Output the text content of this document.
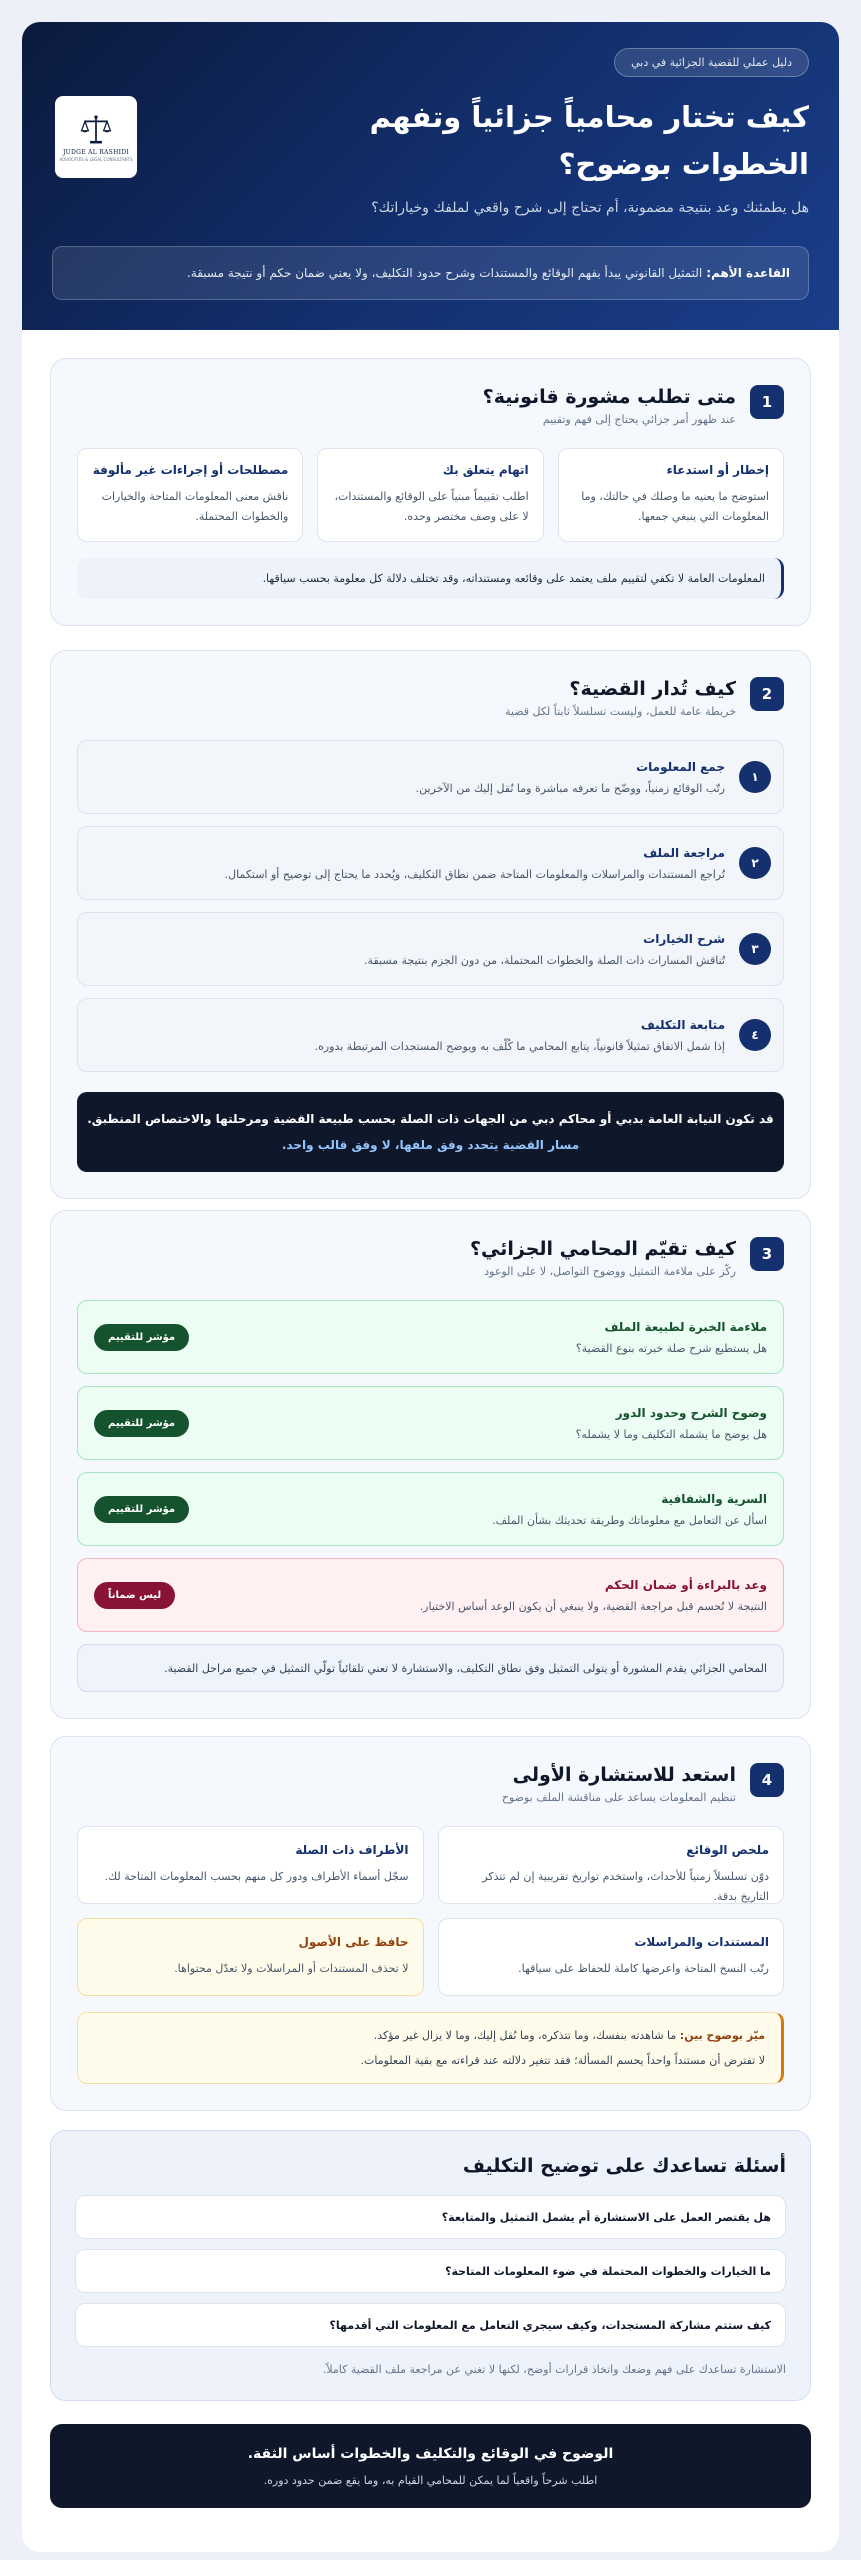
دليل عملي للقضية الجزائية في دبي
JUDGE AL RASHIDI
ADVOCATES & LEGAL CONSULTANTS
كيف تختار محامياً جزائياً وتفهم الخطوات بوضوح؟

هل يطمئنك وعد بنتيجة مضمونة، أم تحتاج إلى شرح واقعي لملفك وخياراتك؟

القاعدة الأهم:
التمثيل القانوني يبدأ بفهم الوقائع والمستندات وشرح حدود التكليف، ولا يعني ضمان حكم أو نتيجة مسبقة.
1
متى تطلب مشورة قانونية؟
عند ظهور أمر جزائي يحتاج إلى فهم وتقييم
إخطار أو استدعاء
استوضح ما يعنيه ما وصلك في حالتك، وما المعلومات التي ينبغي جمعها.
اتهام يتعلق بك
اطلب تقييماً مبنياً على الوقائع والمستندات، لا على وصف مختصر وحده.
مصطلحات أو إجراءات غير مألوفة
ناقش معنى المعلومات المتاحة والخيارات والخطوات المحتملة.
المعلومات العامة لا تكفي لتقييم ملف يعتمد على وقائعه ومستنداته، وقد تختلف دلالة كل معلومة بحسب سياقها.
2
كيف تُدار القضية؟
خريطة عامة للعمل، وليست تسلسلاً ثابتاً لكل قضية
١
جمع المعلومات
رتّب الوقائع زمنياً، ووضّح ما تعرفه مباشرة وما نُقل إليك من الآخرين.
٢
مراجعة الملف
تُراجع المستندات والمراسلات والمعلومات المتاحة ضمن نطاق التكليف، ويُحدد ما يحتاج إلى توضيح أو استكمال.
٣
شرح الخيارات
تُناقش المسارات ذات الصلة والخطوات المحتملة، من دون الجزم بنتيجة مسبقة.
٤
متابعة التكليف
إذا شمل الاتفاق تمثيلاً قانونياً، يتابع المحامي ما كُلّف به ويوضح المستجدات المرتبطة بدوره.
قد تكون النيابة العامة بدبي أو محاكم دبي من الجهات ذات الصلة بحسب طبيعة القضية ومرحلتها والاختصاص المنطبق.
مسار القضية يتحدد وفق ملفها، لا وفق قالب واحد.
3
كيف تقيّم المحامي الجزائي؟
ركّز على ملاءمة التمثيل ووضوح التواصل، لا على الوعود
ملاءمة الخبرة لطبيعة الملف
هل يستطيع شرح صلة خبرته بنوع القضية؟
مؤشر للتقييم
وضوح الشرح وحدود الدور
هل يوضح ما يشمله التكليف وما لا يشمله؟
مؤشر للتقييم
السرية والشفافية
اسأل عن التعامل مع معلوماتك وطريقة تحديثك بشأن الملف.
مؤشر للتقييم
وعد بالبراءة أو ضمان الحكم
النتيجة لا تُحسم قبل مراجعة القضية، ولا ينبغي أن يكون الوعد أساس الاختيار.
ليس ضماناً
المحامي الجزائي يقدم المشورة أو يتولى التمثيل وفق نطاق التكليف، والاستشارة لا تعني تلقائياً تولّي التمثيل في جميع مراحل القضية.
4
استعد للاستشارة الأولى
تنظيم المعلومات يساعد على مناقشة الملف بوضوح
ملخص الوقائع
دوّن تسلسلاً زمنياً للأحداث، واستخدم تواريخ تقريبية إن لم تتذكر التاريخ بدقة.
الأطراف ذات الصلة
سجّل أسماء الأطراف ودور كل منهم بحسب المعلومات المتاحة لك.
المستندات والمراسلات
رتّب النسخ المتاحة واعرضها كاملة للحفاظ على سياقها.
حافظ على الأصول
لا تحذف المستندات أو المراسلات ولا تعدّل محتواها.
ميّز بوضوح بين: ما شاهدته بنفسك، وما تتذكره، وما نُقل إليك، وما لا يزال غير مؤكد.
لا تفترض أن مستنداً واحداً يحسم المسألة؛ فقد تتغير دلالته عند قراءته مع بقية المعلومات.
أسئلة تساعدك على توضيح التكليف
هل يقتصر العمل على الاستشارة أم يشمل التمثيل والمتابعة؟
ما الخيارات والخطوات المحتملة في ضوء المعلومات المتاحة؟
كيف ستتم مشاركة المستجدات، وكيف سيجري التعامل مع المعلومات التي أقدمها؟
الاستشارة تساعدك على فهم وضعك واتخاذ قرارات أوضح، لكنها لا تغني عن مراجعة ملف القضية كاملاً.
الوضوح في الوقائع والتكليف والخطوات أساس الثقة.
اطلب شرحاً واقعياً لما يمكن للمحامي القيام به، وما يقع ضمن حدود دوره.
